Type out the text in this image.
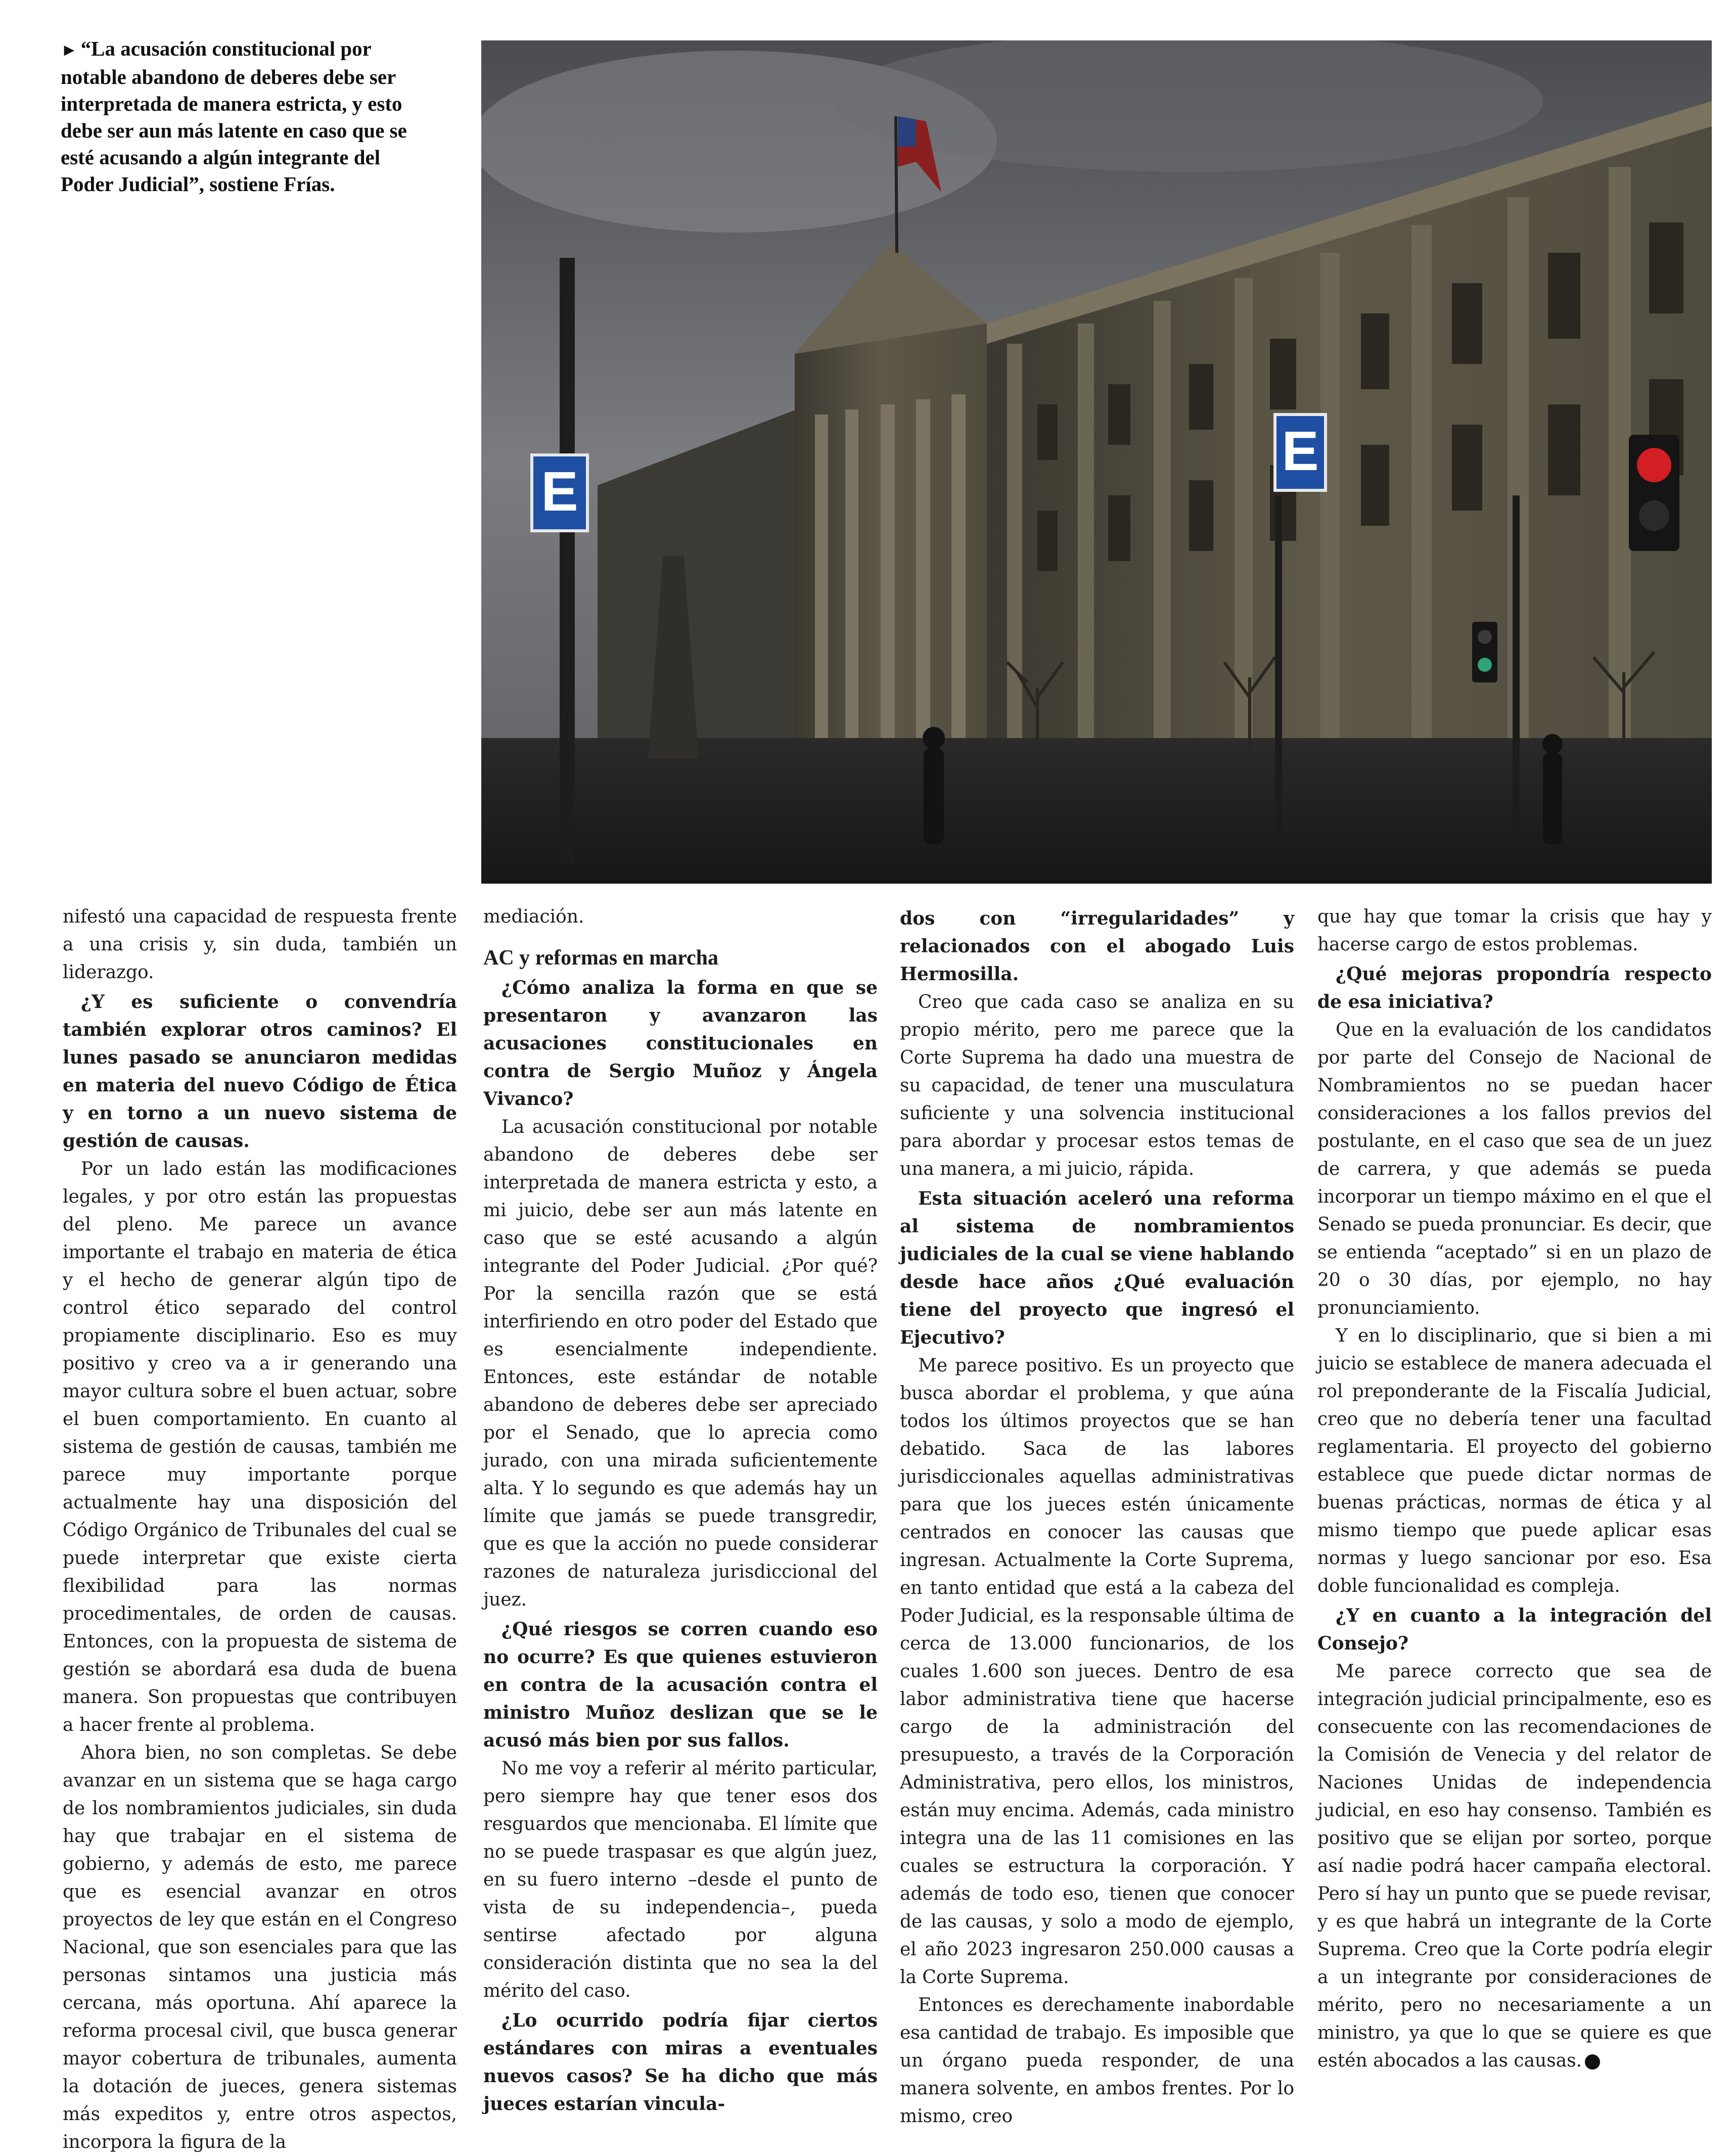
► “La acusación constitucional por notable abandono de deberes debe ser interpretada de manera estricta, y esto debe ser aun más latente en caso que se esté acusando a algún integrante del Poder Judicial”, sostiene Frías.
E
E

nifestó una capacidad de respuesta frente a una crisis y, sin duda, también un liderazgo.

¿Y es suficiente o convendría también explorar otros caminos? El lunes pasado se anunciaron medidas en materia del nuevo Código de Ética y en torno a un nuevo sistema de gestión de causas.

Por un lado están las modificaciones legales, y por otro están las propuestas del pleno. Me parece un avance importante el trabajo en materia de ética y el hecho de generar algún tipo de control ético separado del control propiamente disciplinario. Eso es muy positivo y creo va a ir generando una mayor cultura sobre el buen actuar, sobre el buen comportamiento. En cuanto al sistema de gestión de causas, también me parece muy importante porque actualmente hay una disposición del Código Orgánico de Tribunales del cual se puede interpretar que existe cierta flexibilidad para las normas procedimentales, de orden de causas. Entonces, con la propuesta de sistema de gestión se abordará esa duda de buena manera. Son propuestas que contribuyen a hacer frente al problema.

Ahora bien, no son completas. Se debe avanzar en un sistema que se haga cargo de los nombramientos judiciales, sin duda hay que trabajar en el sistema de gobierno, y además de esto, me parece que es esencial avanzar en otros proyectos de ley que están en el Congreso Nacional, que son esenciales para que las personas sintamos una justicia más cercana, más oportuna. Ahí aparece la reforma procesal civil, que busca generar mayor cobertura de tribunales, aumenta la dotación de jueces, genera sistemas más expeditos y, entre otros aspectos, incorpora la figura de la

mediación.

AC y reformas en marcha

¿Cómo analiza la forma en que se presentaron y avanzaron las acusaciones constitucionales en contra de Sergio Muñoz y Ángela Vivanco?

La acusación constitucional por notable abandono de deberes debe ser interpretada de manera estricta y esto, a mi juicio, debe ser aun más latente en caso que se esté acusando a algún integrante del Poder Judicial. ¿Por qué? Por la sencilla razón que se está interfiriendo en otro poder del Estado que es esencialmente independiente. Entonces, este estándar de notable abandono de deberes debe ser apreciado por el Senado, que lo aprecia como jurado, con una mirada suficientemente alta. Y lo segundo es que además hay un límite que jamás se puede transgredir, que es que la acción no puede considerar razones de naturaleza jurisdiccional del juez.

¿Qué riesgos se corren cuando eso no ocurre? Es que quienes estuvieron en contra de la acusación contra el ministro Muñoz deslizan que se le acusó más bien por sus fallos.

No me voy a referir al mérito particular, pero siempre hay que tener esos dos resguardos que mencionaba. El límite que no se puede traspasar es que algún juez, en su fuero interno –desde el punto de vista de su independencia–, pueda sentirse afectado por alguna consideración distinta que no sea la del mérito del caso.

¿Lo ocurrido podría fijar ciertos estándares con miras a eventuales nuevos casos? Se ha dicho que más jueces estarían vincula-

dos con “irregularidades” y relacionados con el abogado Luis Hermosilla.

Creo que cada caso se analiza en su propio mérito, pero me parece que la Corte Suprema ha dado una muestra de su capacidad, de tener una musculatura suficiente y una solvencia institucional para abordar y procesar estos temas de una manera, a mi juicio, rápida.

Esta situación aceleró una reforma al sistema de nombramientos judiciales de la cual se viene hablando desde hace años ¿Qué evaluación tiene del proyecto que ingresó el Ejecutivo?

Me parece positivo. Es un proyecto que busca abordar el problema, y que aúna todos los últimos proyectos que se han debatido. Saca de las labores jurisdiccionales aquellas administrativas para que los jueces estén únicamente centrados en conocer las causas que ingresan. Actualmente la Corte Suprema, en tanto entidad que está a la cabeza del Poder Judicial, es la responsable última de cerca de 13.000 funcionarios, de los cuales 1.600 son jueces. Dentro de esa labor administrativa tiene que hacerse cargo de la administración del presupuesto, a través de la Corporación Administrativa, pero ellos, los ministros, están muy encima. Además, cada ministro integra una de las 11 comisiones en las cuales se estructura la corporación. Y además de todo eso, tienen que conocer de las causas, y solo a modo de ejemplo, el año 2023 ingresaron 250.000 causas a la Corte Suprema.

Entonces es derechamente inabordable esa cantidad de trabajo. Es imposible que un órgano pueda responder, de una manera solvente, en ambos frentes. Por lo mismo, creo

que hay que tomar la crisis que hay y hacerse cargo de estos problemas.

¿Qué mejoras propondría respecto de esa iniciativa?

Que en la evaluación de los candidatos por parte del Consejo de Nacional de Nombramientos no se puedan hacer consideraciones a los fallos previos del postulante, en el caso que sea de un juez de carrera, y que además se pueda incorporar un tiempo máximo en el que el Senado se pueda pronunciar. Es decir, que se entienda “aceptado” si en un plazo de 20 o 30 días, por ejemplo, no hay pronunciamiento.

Y en lo disciplinario, que si bien a mi juicio se establece de manera adecuada el rol preponderante de la Fiscalía Judicial, creo que no debería tener una facultad reglamentaria. El proyecto del gobierno establece que puede dictar normas de buenas prácticas, normas de ética y al mismo tiempo que puede aplicar esas normas y luego sancionar por eso. Esa doble funcionalidad es compleja.

¿Y en cuanto a la integración del Consejo?

Me parece correcto que sea de integración judicial principalmente, eso es consecuente con las recomendaciones de la Comisión de Venecia y del relator de Naciones Unidas de independencia judicial, en eso hay consenso. También es positivo que se elijan por sorteo, porque así nadie podrá hacer campaña electoral. Pero sí hay un punto que se puede revisar, y es que habrá un integrante de la Corte Suprema. Creo que la Corte podría elegir a un integrante por consideraciones de mérito, pero no necesariamente a un ministro, ya que lo que se quiere es que estén abocados a las causas.
